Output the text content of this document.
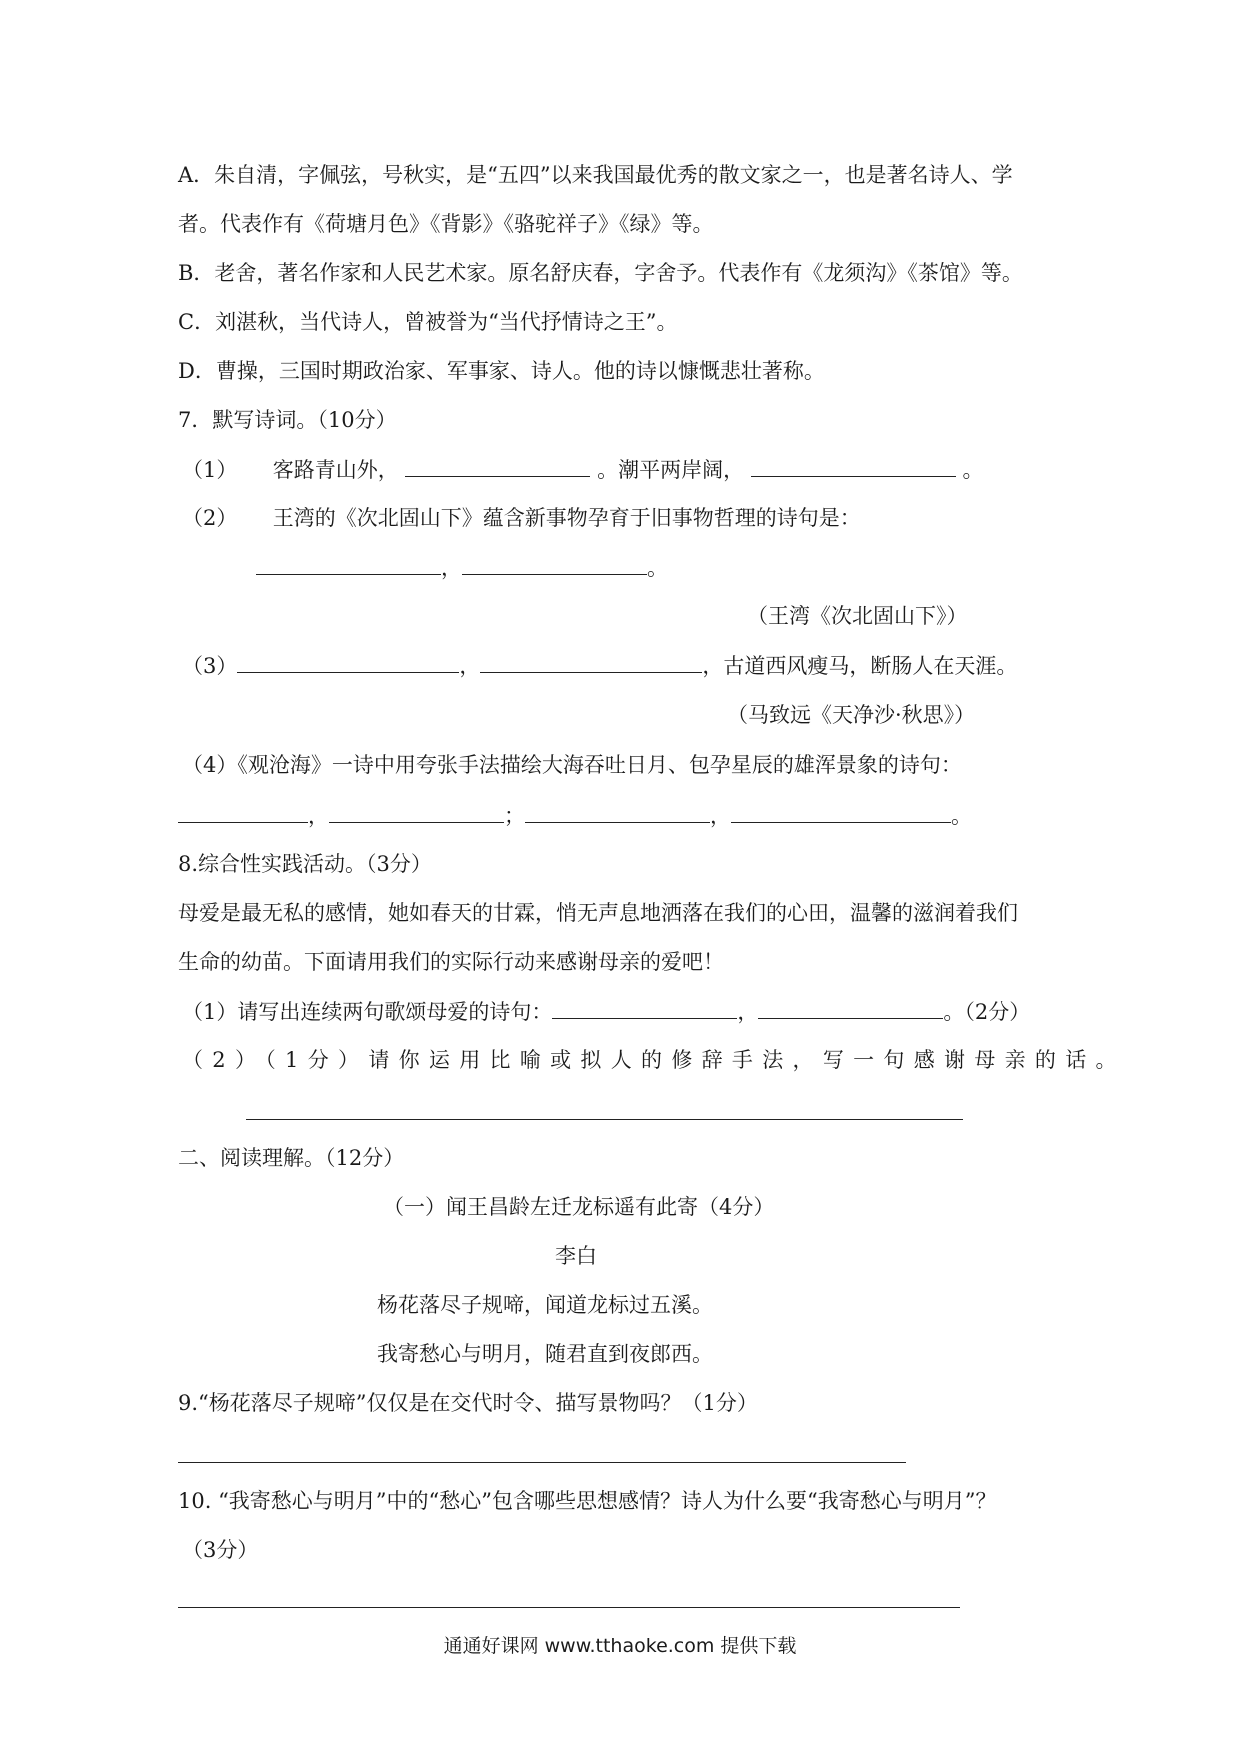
A．朱自清，字佩弦，号秋实，是“五四”以来我国最优秀的散文家之一，也是著名诗人、学
者。代表作有《荷塘月色》《背影》《骆驼祥子》《绿》等。
B．老舍，著名作家和人民艺术家。原名舒庆春，字舍予。代表作有《龙须沟》《茶馆》等。
C．刘湛秋，当代诗人，曾被誉为“当代抒情诗之王”。
D．曹操，三国时期政治家、军事家、诗人。他的诗以慷慨悲壮著称。
7．默写诗词。（10分）
（1） 客路青山外，	。潮平两岸阔，	。
（2） 王湾的《次北固山下》蕴含新事物孕育于旧事物哲理的诗句是：
，	。
（王湾《次北固山下》）
（3）	，	，古道西风瘦马，断肠人在天涯。
（马致远《天净沙·秋思》）
（4）《观沧海》一诗中用夸张手法描绘大海吞吐日月、包孕星辰的雄浑景象的诗句：
，	；	，	。
8.综合性实践活动。（3分）
母爱是最无私的感情，她如春天的甘霖，悄无声息地洒落在我们的心田，温馨的滋润着我们
生命的幼苗。下面请用我们的实际行动来感谢母亲的爱吧！
（1）请写出连续两句歌颂母爱的诗句：	，	。（2分）
（2）（1分）请你运用比喻或拟人的修辞手法，写一句感谢母亲的话。
二、阅读理解。（12分）
（一）闻王昌龄左迁龙标遥有此寄（4分）
李白
杨花落尽子规啼，闻道龙标过五溪。
我寄愁心与明月，随君直到夜郎西。
9.“杨花落尽子规啼”仅仅是在交代时令、描写景物吗？（1分）
10. “我寄愁心与明月”中的“愁心”包含哪些思想感情？诗人为什么要“我寄愁心与明月”？
（3分）
通通好课网 www.tthaoke.com 提供下载
